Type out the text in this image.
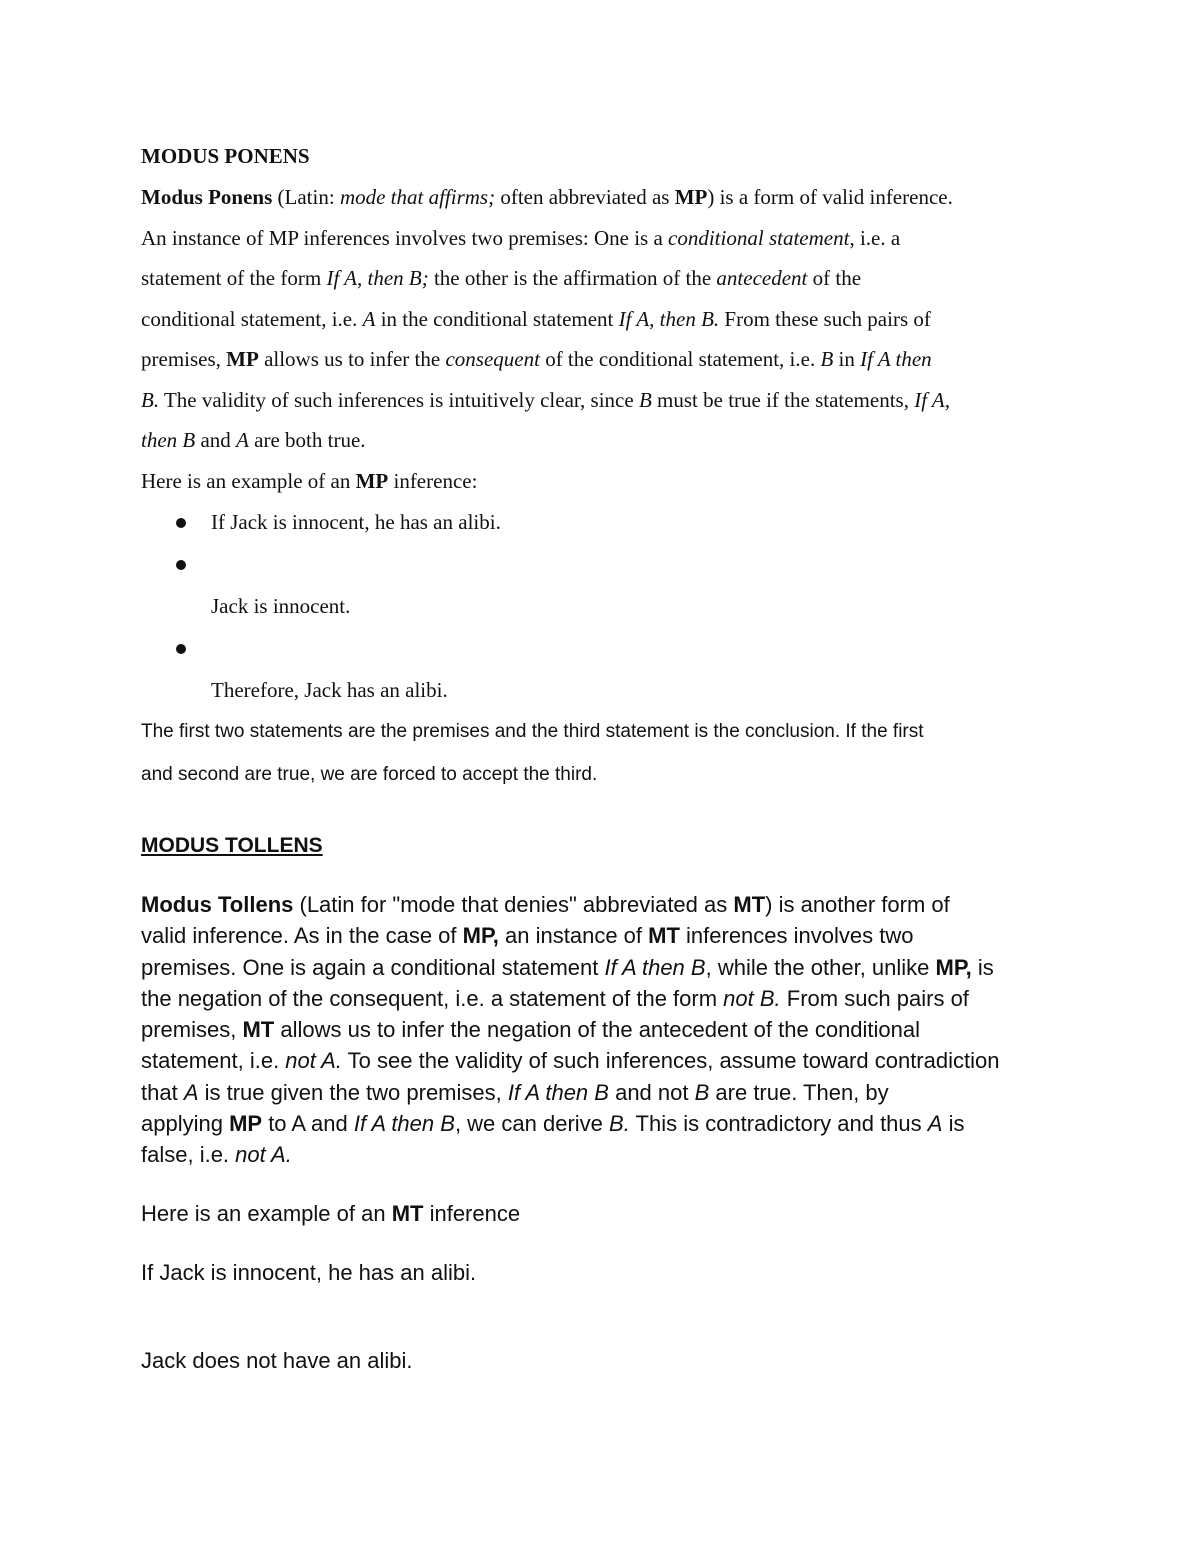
MODUS PONENS
Modus Ponens (Latin: mode that affirms; often abbreviated as MP) is a form of valid inference.
An instance of MP inferences involves two premises: One is a conditional statement, i.e. a
statement of the form If A, then B; the other is the affirmation of the antecedent of the
conditional statement, i.e. A in the conditional statement If A, then B. From these such pairs of
premises, MP allows us to infer the consequent of the conditional statement, i.e. B in If A then
B. The validity of such inferences is intuitively clear, since B must be true if the statements, If A,
then B and A are both true.
Here is an example of an MP inference:
If Jack is innocent, he has an alibi.
Jack is innocent.
Therefore, Jack has an alibi.
The first two statements are the premises and the third statement is the conclusion. If the first
and second are true, we are forced to accept the third.
MODUS TOLLENS
Modus Tollens (Latin for "mode that denies" abbreviated as MT) is another form of
valid inference. As in the case of MP, an instance of MT inferences involves two
premises. One is again a conditional statement If A then B, while the other, unlike MP, is
the negation of the consequent, i.e. a statement of the form not B. From such pairs of
premises, MT allows us to infer the negation of the antecedent of the conditional
statement, i.e. not A. To see the validity of such inferences, assume toward contradiction
that A is true given the two premises, If A then B and not B are true. Then, by
applying MP to A and If A then B, we can derive B. This is contradictory and thus A is
false, i.e. not A.
Here is an example of an MT inference
If Jack is innocent, he has an alibi.
Jack does not have an alibi.
